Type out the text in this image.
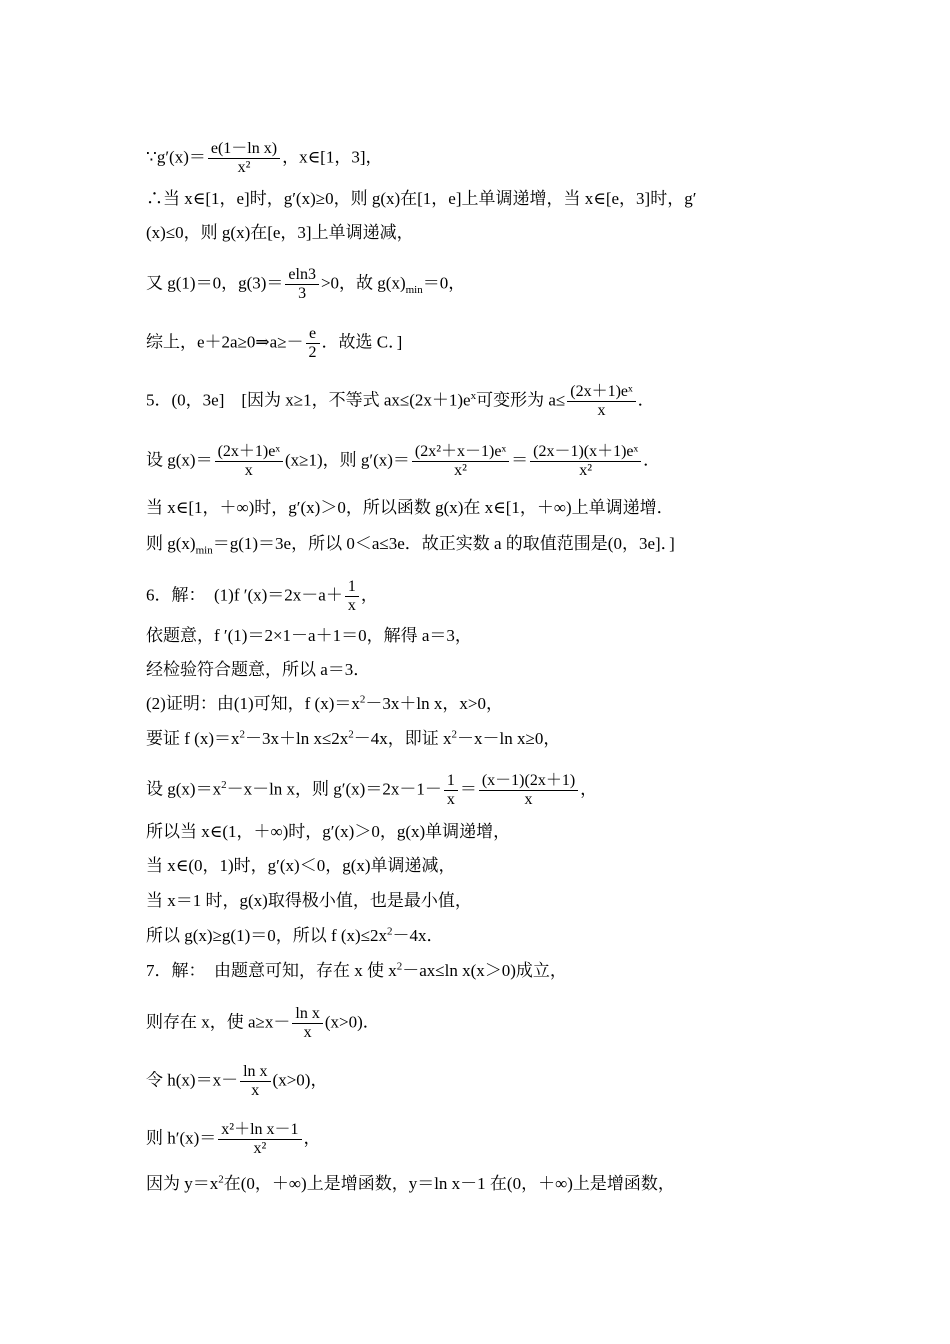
∵g′(x)＝ $\frac{\text{e(1－ln x)}}{\text{x²}}$ ，x∈[1，3]，
∴当 x∈[1，e]时，g′(x)≥0，则 g(x)在[1，e]上单调递增，当 x∈[e，3]时，g′
(x)≤0，则 g(x)在[e，3]上单调递减，
又 g(1)＝0，$g(3)= \frac{eln3}{3} >0$，故 $g(x)_{min}=0$，
综上，e＋2a≥0⇒a≥－ $\frac{e}{2}$ ．故选 C．]
5．(0，3e]　[因为 x≥1，不等式 $ax\le(2x+1)e^x$可变形为 $a\le \frac{\text{(2x＋1)eˣ}}{x}$ ．
设 $g(x)= \frac{\text{(2x＋1)eˣ}}{x} (x\ge 1)$，则 $g'(x)= \frac{\text{(2x²＋x－1)eˣ}}{\text{x²}} = \frac{\text{(2x－1)(x＋1)eˣ}}{\text{x²}}$ ．
当 x∈[1，＋∞)时，g′(x)＞0，所以函数 g(x)在 x∈[1，＋∞)上单调递增．
则 $g(x)_{min}=g(1)=3e$，所以 0＜a≤3e．故正实数 a 的取值范围是(0，3e]．]
6．解：　(1)f $'(x)=2x-a+ \frac{1}{x}$ ，
依题意，f ′(1)＝2×1－a＋1＝0，解得 a＝3，
经检验符合题意，所以 a＝3．
(2)证明：由(1)可知，f $(x)=x^2-3x+\ln$ x，x>0，
要证 f $(x)=x^2-3x+\ln$ $x\le 2x^2-4x$，即证 $x^2-x-\ln$ x≥0，
设 $g(x)=x^2-x-\ln$ x，则 $g'(x)=2x-1- \frac{1}{x} = \frac{(x-1)(2x+1)}{x}$ ，
所以当 x∈(1，＋∞)时，g′(x)＞0，g(x)单调递增，
当 x∈(0，1)时，g′(x)＜0，g(x)单调递减，
当 x＝1 时，g(x)取得极小值，也是最小值，
所以 g(x)≥g(1)＝0，所以 f $(x)\le 2x^2-4x$．
7．解：　由题意可知，存在 x 使 $x^2-ax\le\ln$ x(x＞0)成立，
则存在 x，使 $a\ge x- \frac{\text{ln x}}{x} (x>0)$．
令 $h(x)=x- \frac{\text{ln x}}{x} (x>0)$，
则 $h'(x)= \frac{\text{x²＋ln x－1}}{\text{x²}}$ ，
因为 $y=x^2$在(0，＋∞)上是增函数，y＝ln x－1 在(0，＋∞)上是增函数，
